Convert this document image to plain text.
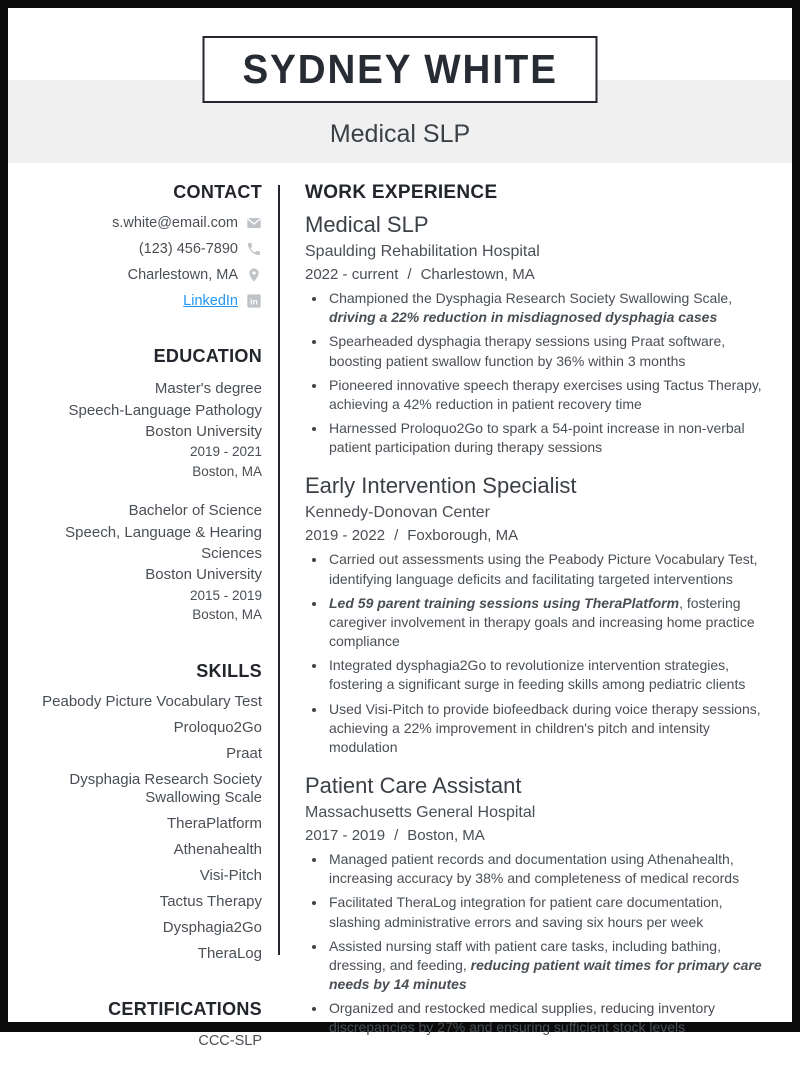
SYDNEY WHITE
Medical SLP
CONTACT
s.white@email.com
(123) 456-7890
Charlestown, MA
LinkedIn in
EDUCATION
Master's degree
Speech-Language Pathology
Boston University
2019 - 2021
Boston, MA
Bachelor of Science
Speech, Language & Hearing Sciences
Boston University
2015 - 2019
Boston, MA
SKILLS
Peabody Picture Vocabulary Test
Proloquo2Go
Praat
Dysphagia Research Society Swallowing Scale
TheraPlatform
Athenahealth
Visi-Pitch
Tactus Therapy
Dysphagia2Go
TheraLog
CERTIFICATIONS
CCC-SLP
WORK EXPERIENCE
Medical SLP
Spaulding Rehabilitation Hospital
2022 - current / Charlestown, MA
• Championed the Dysphagia Research Society Swallowing Scale, driving a 22% reduction in misdiagnosed dysphagia cases
• Spearheaded dysphagia therapy sessions using Praat software, boosting patient swallow function by 36% within 3 months
• Pioneered innovative speech therapy exercises using Tactus Therapy, achieving a 42% reduction in patient recovery time
• Harnessed Proloquo2Go to spark a 54-point increase in non-verbal patient participation during therapy sessions
Early Intervention Specialist
Kennedy-Donovan Center
2019 - 2022 / Foxborough, MA
• Carried out assessments using the Peabody Picture Vocabulary Test, identifying language deficits and facilitating targeted interventions
• Led 59 parent training sessions using TheraPlatform, fostering caregiver involvement in therapy goals and increasing home practice compliance
• Integrated dysphagia2Go to revolutionize intervention strategies, fostering a significant surge in feeding skills among pediatric clients
• Used Visi-Pitch to provide biofeedback during voice therapy sessions, achieving a 22% improvement in children's pitch and intensity modulation
Patient Care Assistant
Massachusetts General Hospital
2017 - 2019 / Boston, MA
• Managed patient records and documentation using Athenahealth, increasing accuracy by 38% and completeness of medical records
• Facilitated TheraLog integration for patient care documentation, slashing administrative errors and saving six hours per week
• Assisted nursing staff with patient care tasks, including bathing, dressing, and feeding, reducing patient wait times for primary care needs by 14 minutes
• Organized and restocked medical supplies, reducing inventory discrepancies by 27% and ensuring sufficient stock levels
